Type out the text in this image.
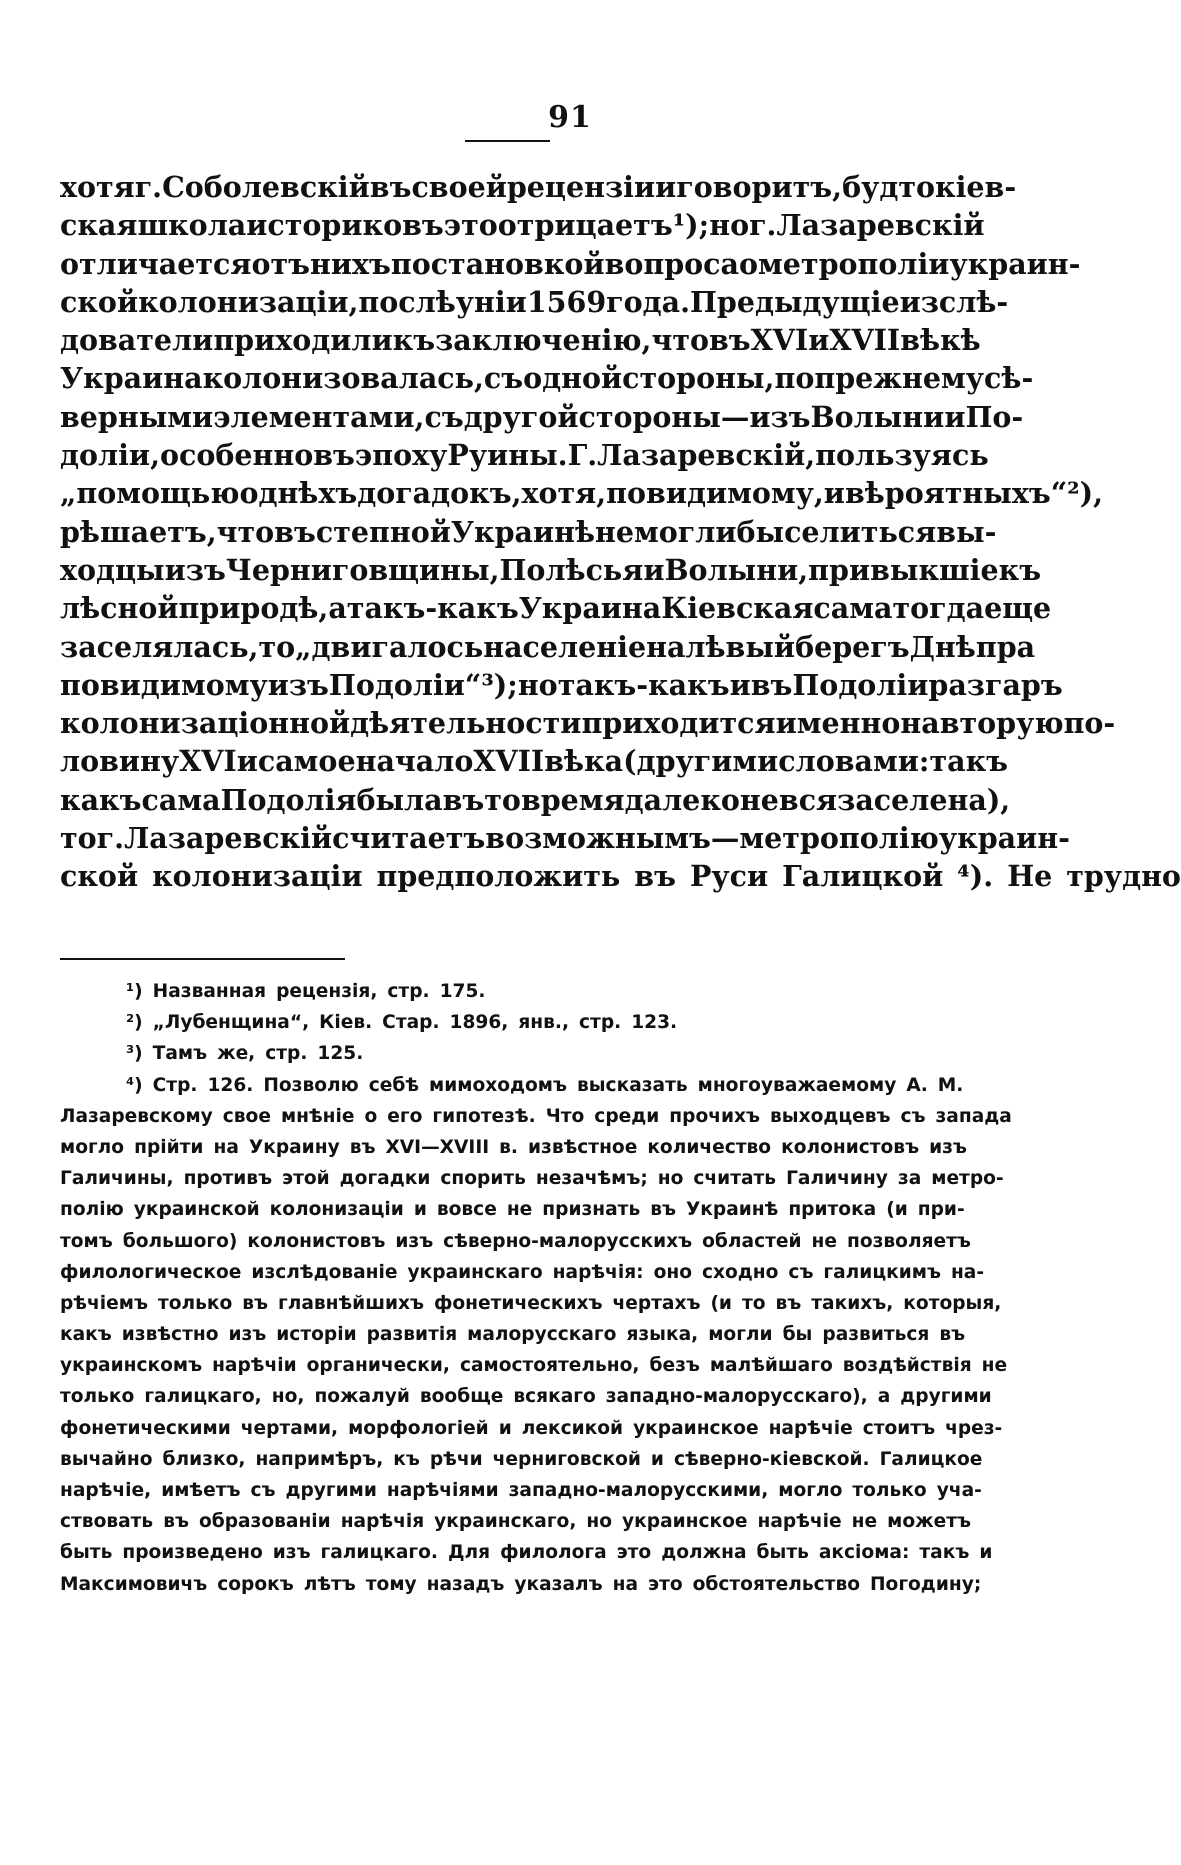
91
хотя г. Соболевскій въ своей рецензіи и говоритъ, будто кіев-
ская школа историковъ это отрицаетъ ¹); но г. Лазаревскій
отличается отъ нихъ постановкой вопроса о метрополіи украин-
ской колонизаціи, послѣ уніи 1569 года. Предыдущіе изслѣ-
дователи приходили къ заключенію, что въ XVI и XVII вѣкѣ
Украина колонизовалась, съ одной стороны, по прежнему сѣ-
верными элементами, съ другой стороны—изъ Волыни и По-
доліи, особенно въ эпоху Руины. Г. Лазаревскій, пользуясь
„помощью однѣхъ догадокъ, хотя, повидимому, и вѣроятныхъ“ ²),
рѣшаетъ, что въ степной Украинѣ не могли бы селиться вы-
ходцы изъ Черниговщины, Полѣсья и Волыни, привыкшіе къ
лѣсной природѣ, а такъ-какъ Украина Кіевская сама тогда еще
заселялась, то „двигалось населеніе на лѣвый берегъ Днѣпра
повидимому изъ Подоліи“ ³); но такъ-какъ и въ Подоліи разгаръ
колонизаціонной дѣятельности приходится именно на вторую по-
ловину XVI и самое начало XVII вѣка (другими словами: такъ
какъ сама Подолія была въ то время далеко не вся заселена),
то г. Лазаревскій считаетъ возможнымъ—метрополію украин-
ской колонизаціи предположить въ Руси Галицкой ⁴). Не трудно
¹) Названная рецензія, стр. 175.
²) „Лубенщина“, Кіев. Стар. 1896, янв., стр. 123.
³) Тамъ же, стр. 125.
⁴) Стр. 126. Позволю себѣ мимоходомъ высказать многоуважаемому А. М.
Лазаревскому свое мнѣніе о его гипотезѣ. Что среди прочихъ выходцевъ съ запада
могло прійти на Украину въ XVI—XVIII в. извѣстное количество колонистовъ изъ
Галичины, противъ этой догадки спорить незачѣмъ; но считать Галичину за метро-
полію украинской колонизаціи и вовсе не признать въ Украинѣ притока (и при-
томъ большого) колонистовъ изъ сѣверно-малорусскихъ областей не позволяетъ
филологическое изслѣдованіе украинскаго нарѣчія: оно сходно съ галицкимъ на-
рѣчіемъ только въ главнѣйшихъ фонетическихъ чертахъ (и то въ такихъ, которыя,
какъ извѣстно изъ исторіи развитія малорусскаго языка, могли бы развиться въ
украинскомъ нарѣчіи органически, самостоятельно, безъ малѣйшаго воздѣйствія не
только галицкаго, но, пожалуй вообще всякаго западно-малорусскаго), а другими
фонетическими чертами, морфологіей и лексикой украинское нарѣчіе стоитъ чрез-
вычайно близко, напримѣръ, къ рѣчи черниговской и сѣверно-кіевской. Галицкое
нарѣчіе, имѣетъ съ другими нарѣчіями западно-малорусскими, могло только уча-
ствовать въ образованіи нарѣчія украинскаго, но украинское нарѣчіе не можетъ
быть произведено изъ галицкаго. Для филолога это должна быть аксіома: такъ и
Максимовичъ сорокъ лѣтъ тому назадъ указалъ на это обстоятельство Погодину;
